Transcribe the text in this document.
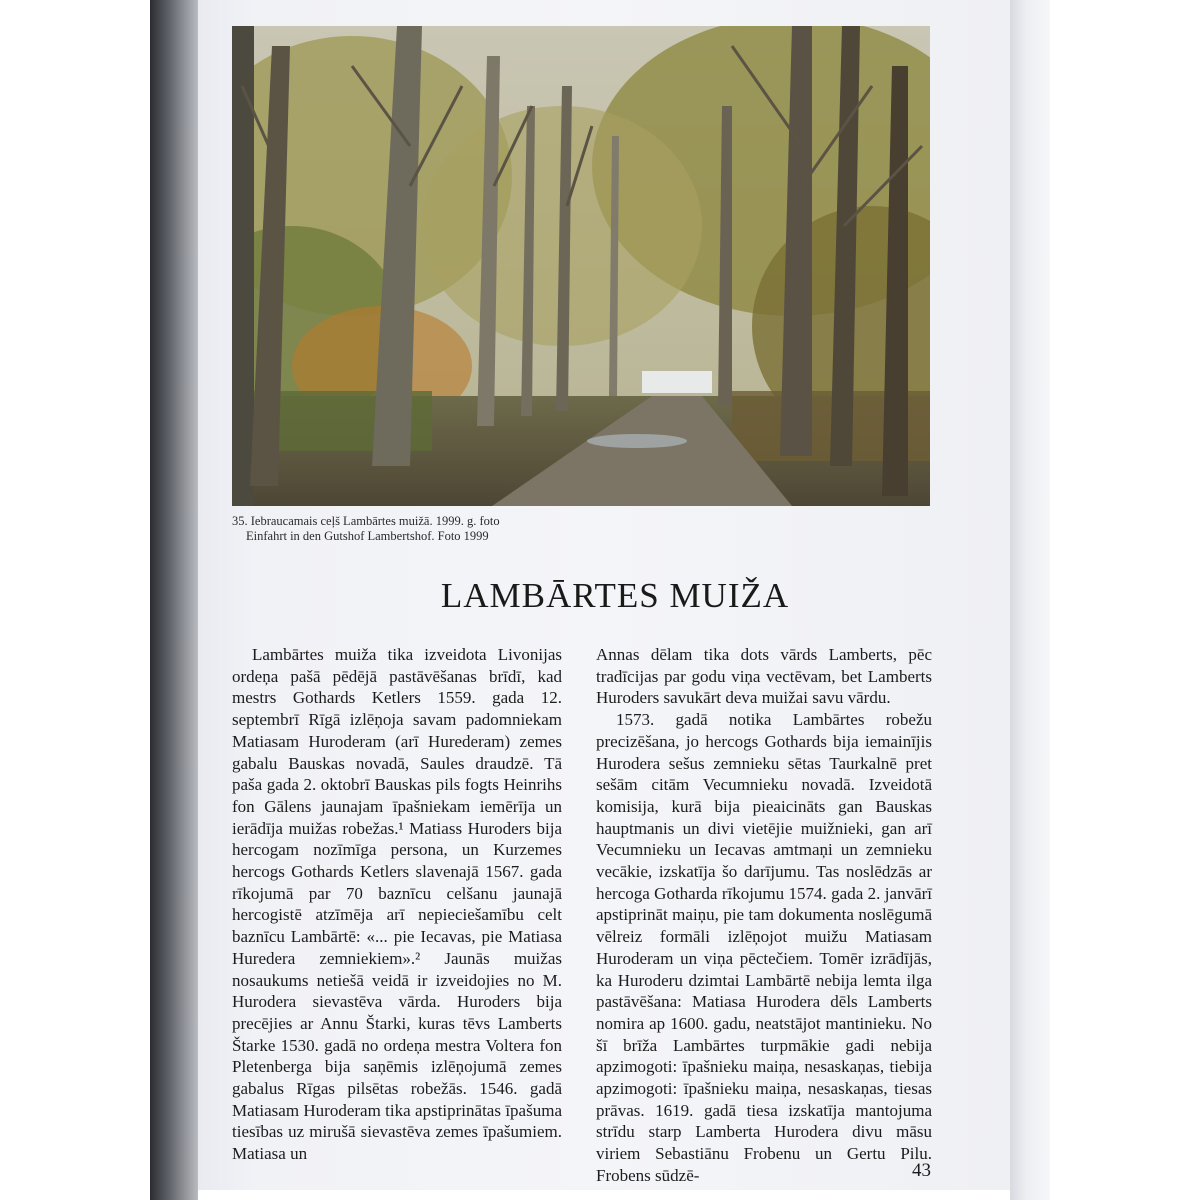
35. Iebraucamais ceļš Lambārtes muižā. 1999. g. foto
Einfahrt in den Gutshof Lambertshof. Foto 1999
LAMBĀRTES MUIŽA

Lambārtes muiža tika izveidota Livonijas ordeņa pašā pēdējā pastāvēšanas brīdī, kad mestrs Gothards Ketlers 1559. gada 12. septembrī Rīgā izlēņoja savam padomniekam Matiasam Huroderam (arī Hurederam) zemes gabalu Bauskas novadā, Saules draudzē. Tā paša gada 2. oktobrī Bauskas pils fogts Heinrihs fon Gālens jaunajam īpašniekam iemērīja un ierādīja muižas robežas.¹ Matiass Huroders bija hercogam nozīmīga persona, un Kurzemes hercogs Gothards Ketlers slavenajā 1567. gada rīkojumā par 70 baznīcu celšanu jaunajā hercogistē atzīmēja arī nepieciešamību celt baznīcu Lambārtē: «... pie Iecavas, pie Matiasa Huredera zemniekiem».² Jaunās muižas nosaukums netiešā veidā ir izveidojies no M. Hurodera sievastēva vārda. Huroders bija precējies ar Annu Štarki, kuras tēvs Lamberts Štarke 1530. gadā no ordeņa mestra Voltera fon Pletenberga bija saņēmis izlēņojumā zemes gabalus Rīgas pilsētas robežās. 1546. gadā Matiasam Huroderam tika apstiprinātas īpašuma tiesības uz mirušā sievastēva zemes īpašumiem. Matiasa un

Annas dēlam tika dots vārds Lamberts, pēc tradīcijas par godu viņa vectēvam, bet Lamberts Huroders savukārt deva muižai savu vārdu.

1573. gadā notika Lambārtes robežu precizēšana, jo hercogs Gothards bija iemainījis Hurodera sešus zemnieku sētas Taurkalnē pret sešām citām Vecumnieku novadā. Izveidotā komisija, kurā bija pieaicināts gan Bauskas hauptmanis un divi vietējie muižnieki, gan arī Vecumnieku un Iecavas amtmaņi un zemnieku vecākie, izskatīja šo darījumu. Tas noslēdzās ar hercoga Gotharda rīkojumu 1574. gada 2. janvārī apstiprināt maiņu, pie tam dokumenta noslēgumā vēlreiz formāli izlēņojot muižu Matiasam Huroderam un viņa pēctečiem. Tomēr izrādījās, ka Huroderu dzimtai Lambārtē nebija lemta ilga pastāvēšana: Matiasa Hurodera dēls Lamberts nomira ap 1600. gadu, neatstājot mantinieku. No šī brīža Lambārtes turpmākie gadi nebija apzimogoti: īpašnieku maiņa, nesaskaņas, tiebija apzimogoti: īpašnieku maiņa, nesaskaņas, tiesas prāvas. 1619. gadā tiesa izskatīja mantojuma strīdu starp Lamberta Hurodera divu māsu viriem Sebastiānu Frobenu un Gertu Pilu. Frobens sūdzē-	43
